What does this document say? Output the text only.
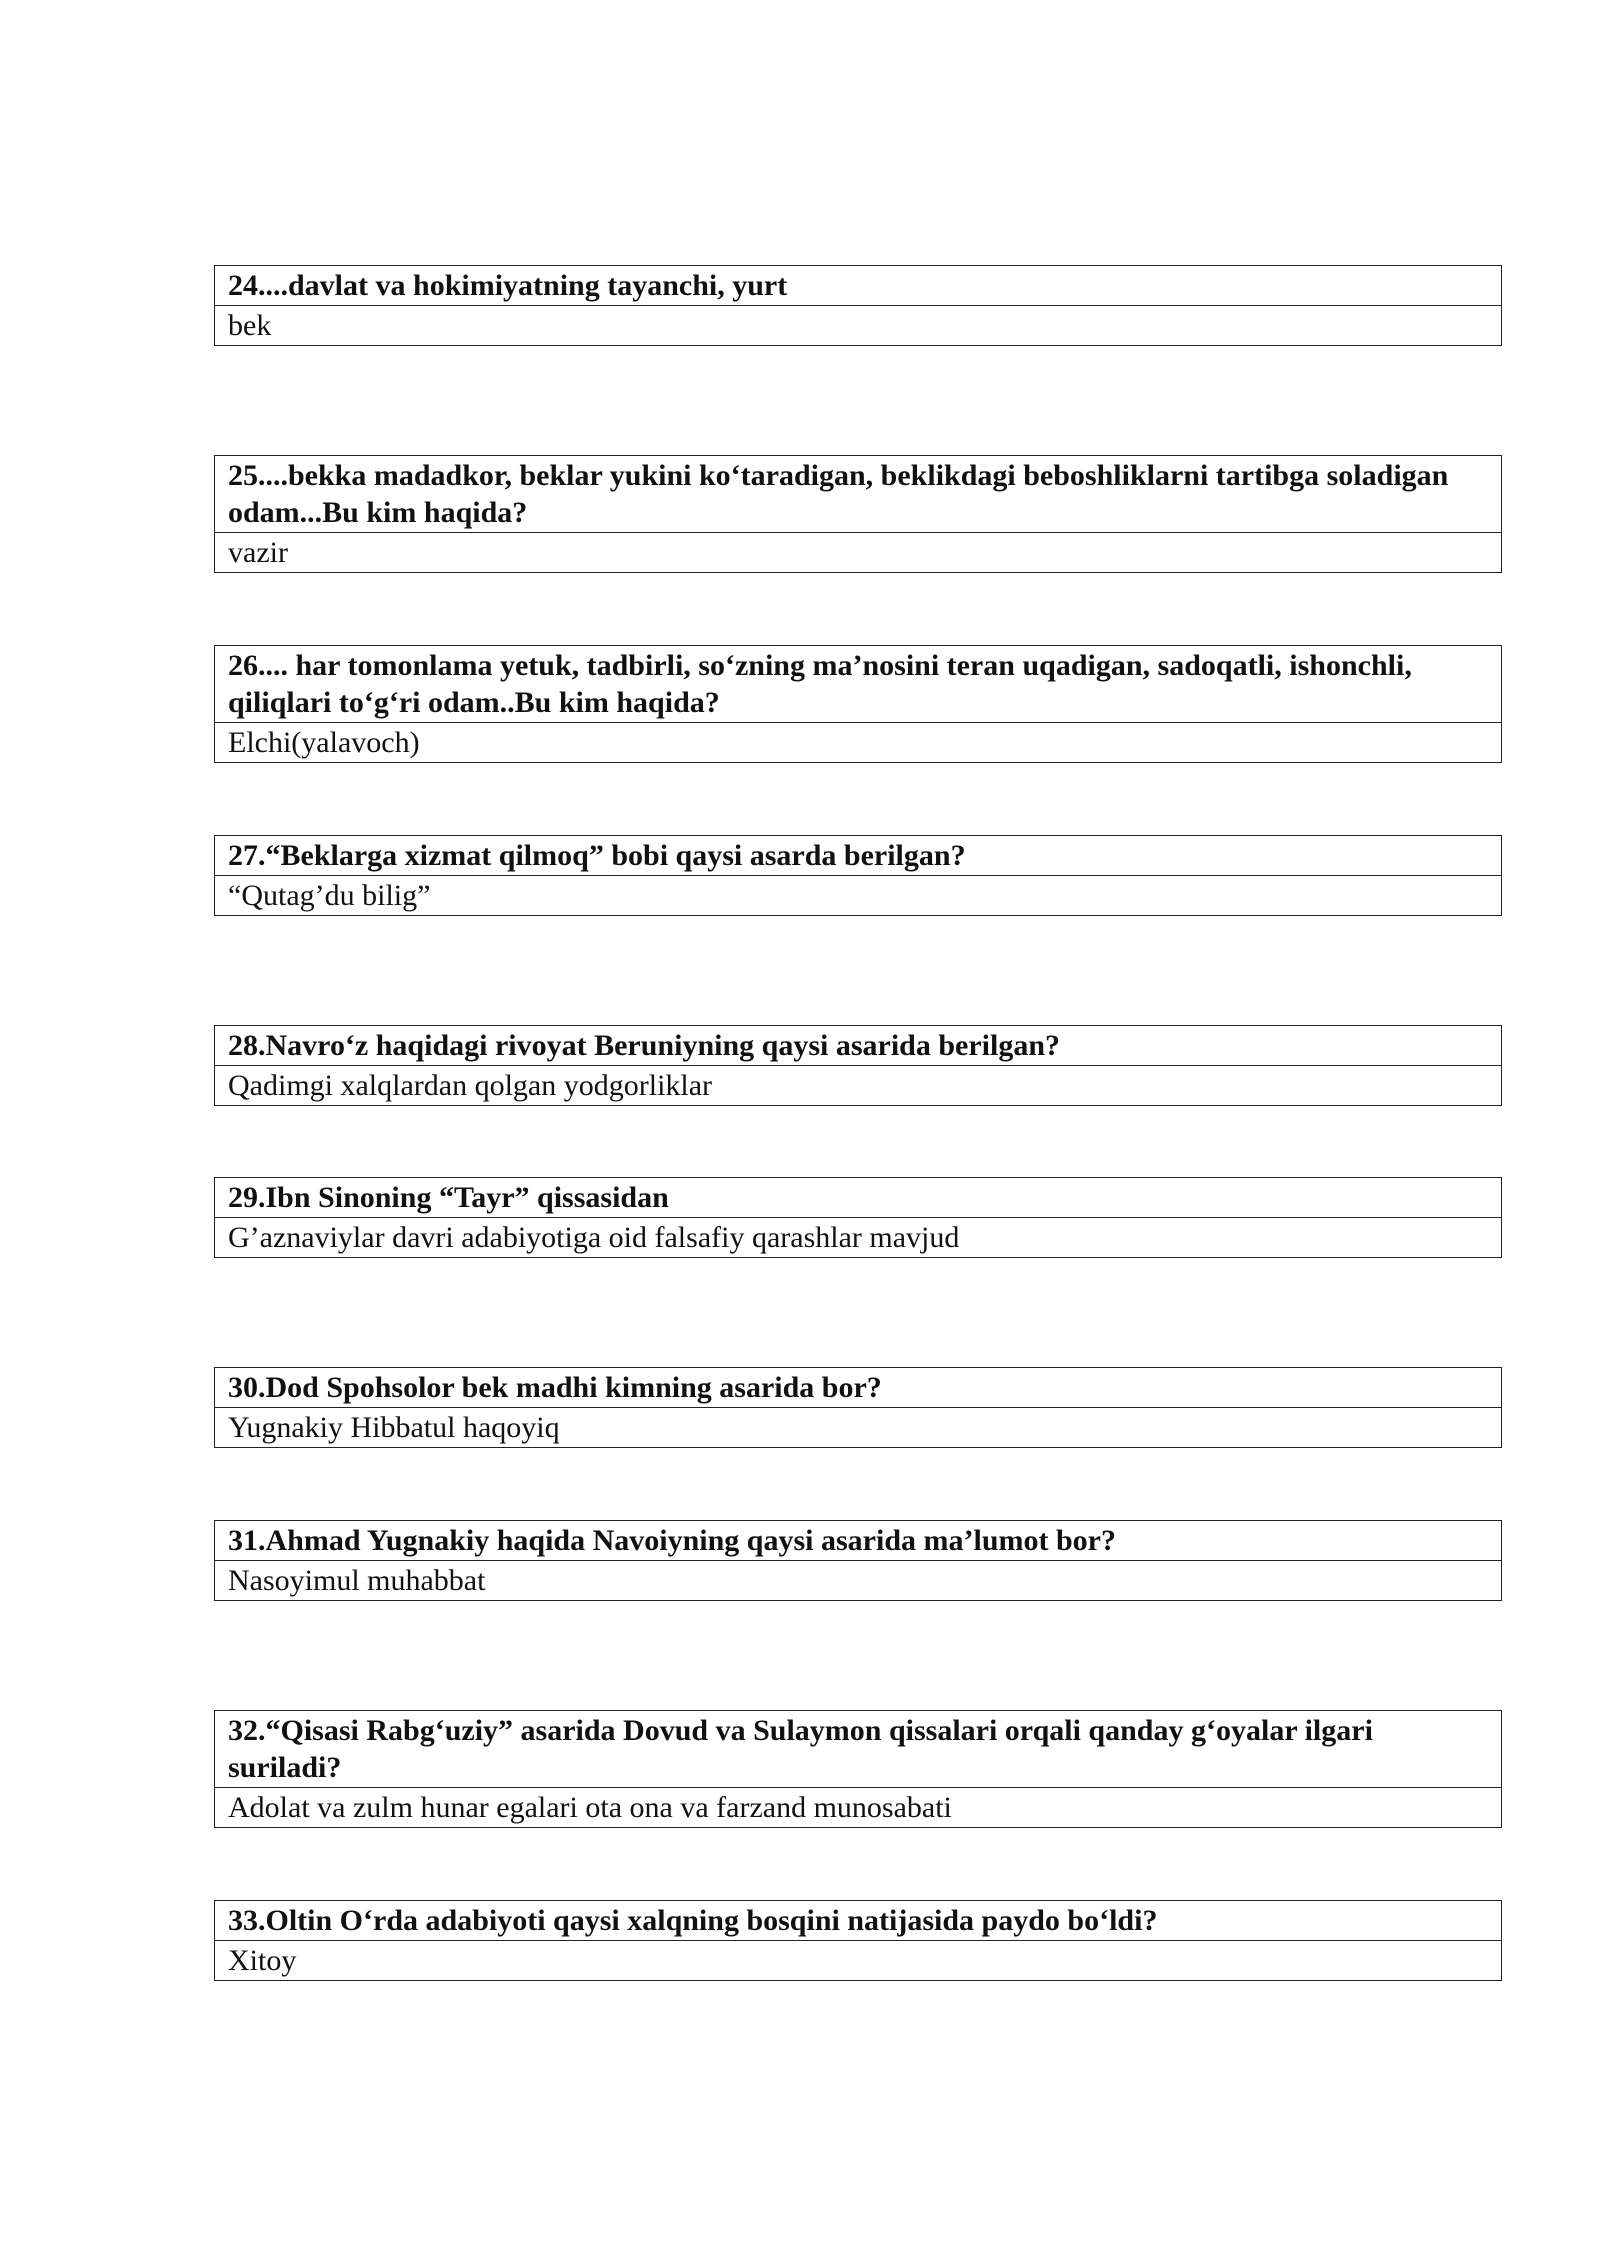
24....davlat va hokimiyatning tayanchi, yurt
bek
25....bekka madadkor, beklar yukini ko‘taradigan, beklikdagi beboshliklarni tartibga soladigan odam...Bu kim haqida?
vazir
26.... har tomonlama yetuk, tadbirli, so‘zning ma’nosini teran uqadigan, sadoqatli, ishonchli, qiliqlari to‘g‘ri odam..Bu kim haqida?
Elchi(yalavoch)
27.“Beklarga xizmat qilmoq” bobi qaysi asarda berilgan?
“Qutag’du bilig”
28.Navro‘z haqidagi rivoyat Beruniyning qaysi asarida berilgan?
Qadimgi xalqlardan qolgan yodgorliklar
29.Ibn Sinoning “Tayr” qissasidan
G’aznaviylar davri adabiyotiga oid falsafiy qarashlar mavjud
30.Dod Spohsolor bek madhi kimning asarida bor?
Yugnakiy Hibbatul haqoyiq
31.Ahmad Yugnakiy haqida Navoiyning qaysi asarida ma’lumot bor?
Nasoyimul muhabbat
32.“Qisasi Rabg‘uziy” asarida Dovud va Sulaymon qissalari orqali qanday g‘oyalar ilgari suriladi?
Adolat va zulm hunar egalari ota ona va farzand munosabati
33.Oltin O‘rda adabiyoti qaysi xalqning bosqini natijasida paydo bo‘ldi?
Xitoy
